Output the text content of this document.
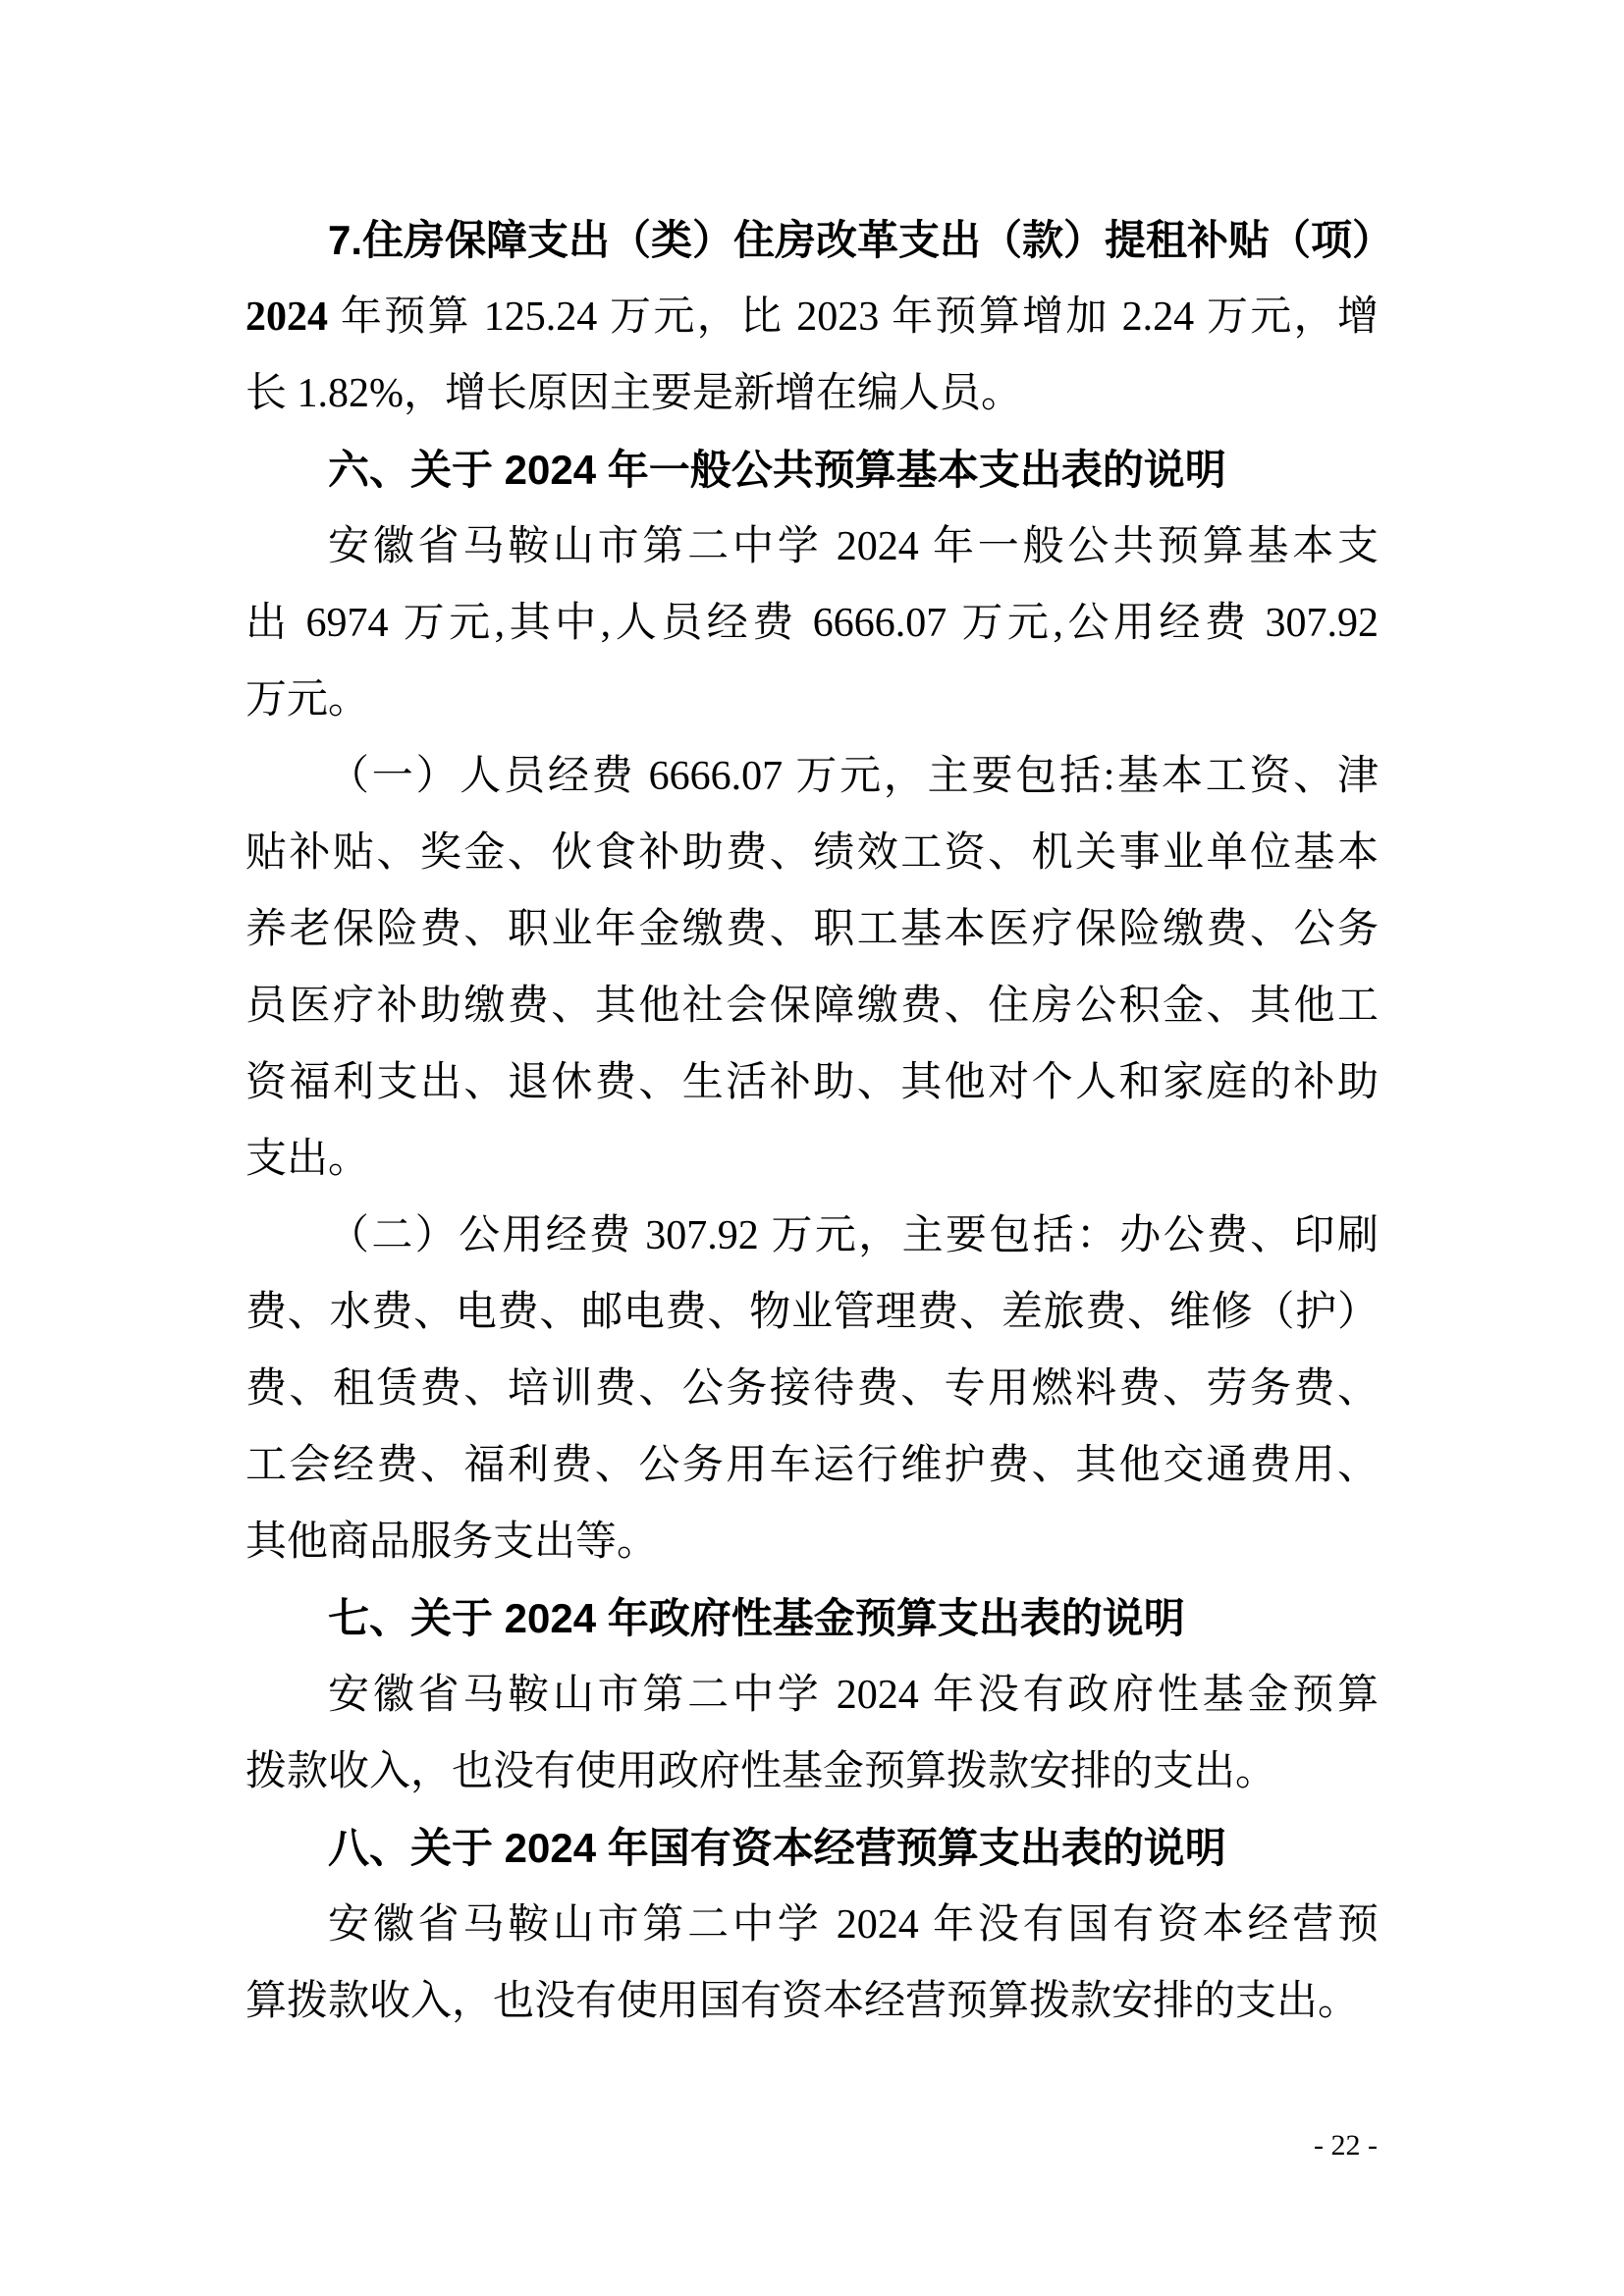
7.住房保障支出（类）住房改革支出（款）提租补贴（项）
2024 年预算 125.24 万元，比 2023 年预算增加 2.24 万元，增
长 1.82%，增长原因主要是新增在编人员。
六、关于 2024 年一般公共预算基本支出表的说明
安徽省马鞍山市第二中学 2024 年一般公共预算基本支
出 6974 万元,其中,人员经费 6666.07 万元,公用经费 307.92
万元。
（一）人员经费 6666.07 万元，主要包括:基本工资、津
贴补贴、奖金、伙食补助费、绩效工资、机关事业单位基本
养老保险费、职业年金缴费、职工基本医疗保险缴费、公务
员医疗补助缴费、其他社会保障缴费、住房公积金、其他工
资福利支出、退休费、生活补助、其他对个人和家庭的补助
支出。
（二）公用经费 307.92 万元，主要包括：办公费、印刷
费、水费、电费、邮电费、物业管理费、差旅费、维修（护）
费、租赁费、培训费、公务接待费、专用燃料费、劳务费、
工会经费、福利费、公务用车运行维护费、其他交通费用、
其他商品服务支出等。
七、关于 2024 年政府性基金预算支出表的说明
安徽省马鞍山市第二中学 2024 年没有政府性基金预算
拨款收入，也没有使用政府性基金预算拨款安排的支出。
八、关于 2024 年国有资本经营预算支出表的说明
安徽省马鞍山市第二中学 2024 年没有国有资本经营预
算拨款收入，也没有使用国有资本经营预算拨款安排的支出。
- 22 -
